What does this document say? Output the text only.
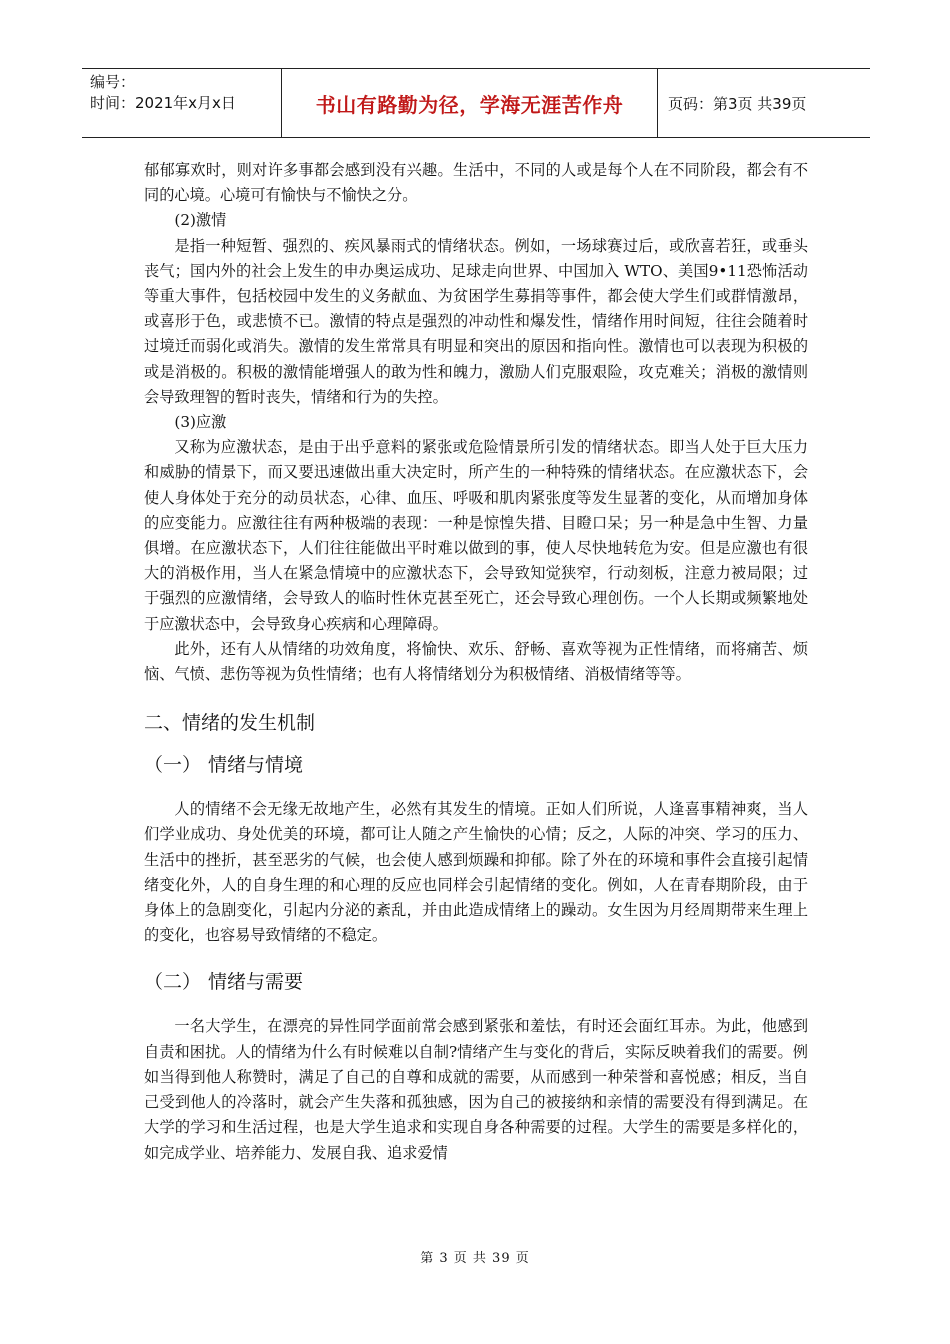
编号：
时间：2021年x月x日	书山有路勤为径，学海无涯苦作舟	页码：第3页 共39页

郁郁寡欢时，则对许多事都会感到没有兴趣。生活中，不同的人或是每个人在不同阶段，都会有不同的心境。心境可有愉快与不愉快之分。

(2)激情

是指一种短暂、强烈的、疾风暴雨式的情绪状态。例如，一场球赛过后，或欣喜若狂，或垂头丧气；国内外的社会上发生的申办奥运成功、足球走向世界、中国加入 WTO、美国9•11恐怖活动等重大事件，包括校园中发生的义务献血、为贫困学生募捐等事件，都会使大学生们或群情激昂，或喜形于色，或悲愤不已。激情的特点是强烈的冲动性和爆发性，情绪作用时间短，往往会随着时过境迁而弱化或消失。激情的发生常常具有明显和突出的原因和指向性。激情也可以表现为积极的或是消极的。积极的激情能增强人的敢为性和魄力，激励人们克服艰险，攻克难关；消极的激情则会导致理智的暂时丧失，情绪和行为的失控。

(3)应激

又称为应激状态，是由于出乎意料的紧张或危险情景所引发的情绪状态。即当人处于巨大压力和威胁的情景下，而又要迅速做出重大决定时，所产生的一种特殊的情绪状态。在应激状态下，会使人身体处于充分的动员状态，心律、血压、呼吸和肌肉紧张度等发生显著的变化，从而增加身体的应变能力。应激往往有两种极端的表现：一种是惊惶失措、目瞪口呆；另一种是急中生智、力量俱增。在应激状态下，人们往往能做出平时难以做到的事，使人尽快地转危为安。但是应激也有很大的消极作用，当人在紧急情境中的应激状态下，会导致知觉狭窄，行动刻板，注意力被局限；过于强烈的应激情绪，会导致人的临时性休克甚至死亡，还会导致心理创伤。一个人长期或频繁地处于应激状态中，会导致身心疾病和心理障碍。

此外，还有人从情绪的功效角度，将愉快、欢乐、舒畅、喜欢等视为正性情绪，而将痛苦、烦恼、气愤、悲伤等视为负性情绪；也有人将情绪划分为积极情绪、消极情绪等等。

二、情绪的发生机制
（一） 情绪与情境

人的情绪不会无缘无故地产生，必然有其发生的情境。正如人们所说，人逢喜事精神爽，当人们学业成功、身处优美的环境，都可让人随之产生愉快的心情；反之，人际的冲突、学习的压力、生活中的挫折，甚至恶劣的气候，也会使人感到烦躁和抑郁。除了外在的环境和事件会直接引起情绪变化外，人的自身生理的和心理的反应也同样会引起情绪的变化。例如，人在青春期阶段，由于身体上的急剧变化，引起内分泌的紊乱，并由此造成情绪上的躁动。女生因为月经周期带来生理上的变化，也容易导致情绪的不稳定。

（二） 情绪与需要

一名大学生，在漂亮的异性同学面前常会感到紧张和羞怯，有时还会面红耳赤。为此，他感到自责和困扰。人的情绪为什么有时候难以自制?情绪产生与变化的背后，实际反映着我们的需要。例如当得到他人称赞时，满足了自己的自尊和成就的需要，从而感到一种荣誉和喜悦感；相反，当自己受到他人的冷落时，就会产生失落和孤独感，因为自己的被接纳和亲情的需要没有得到满足。在大学的学习和生活过程，也是大学生追求和实现自身各种需要的过程。大学生的需要是多样化的，如完成学业、培养能力、发展自我、追求爱情

第 3 页 共 39 页
